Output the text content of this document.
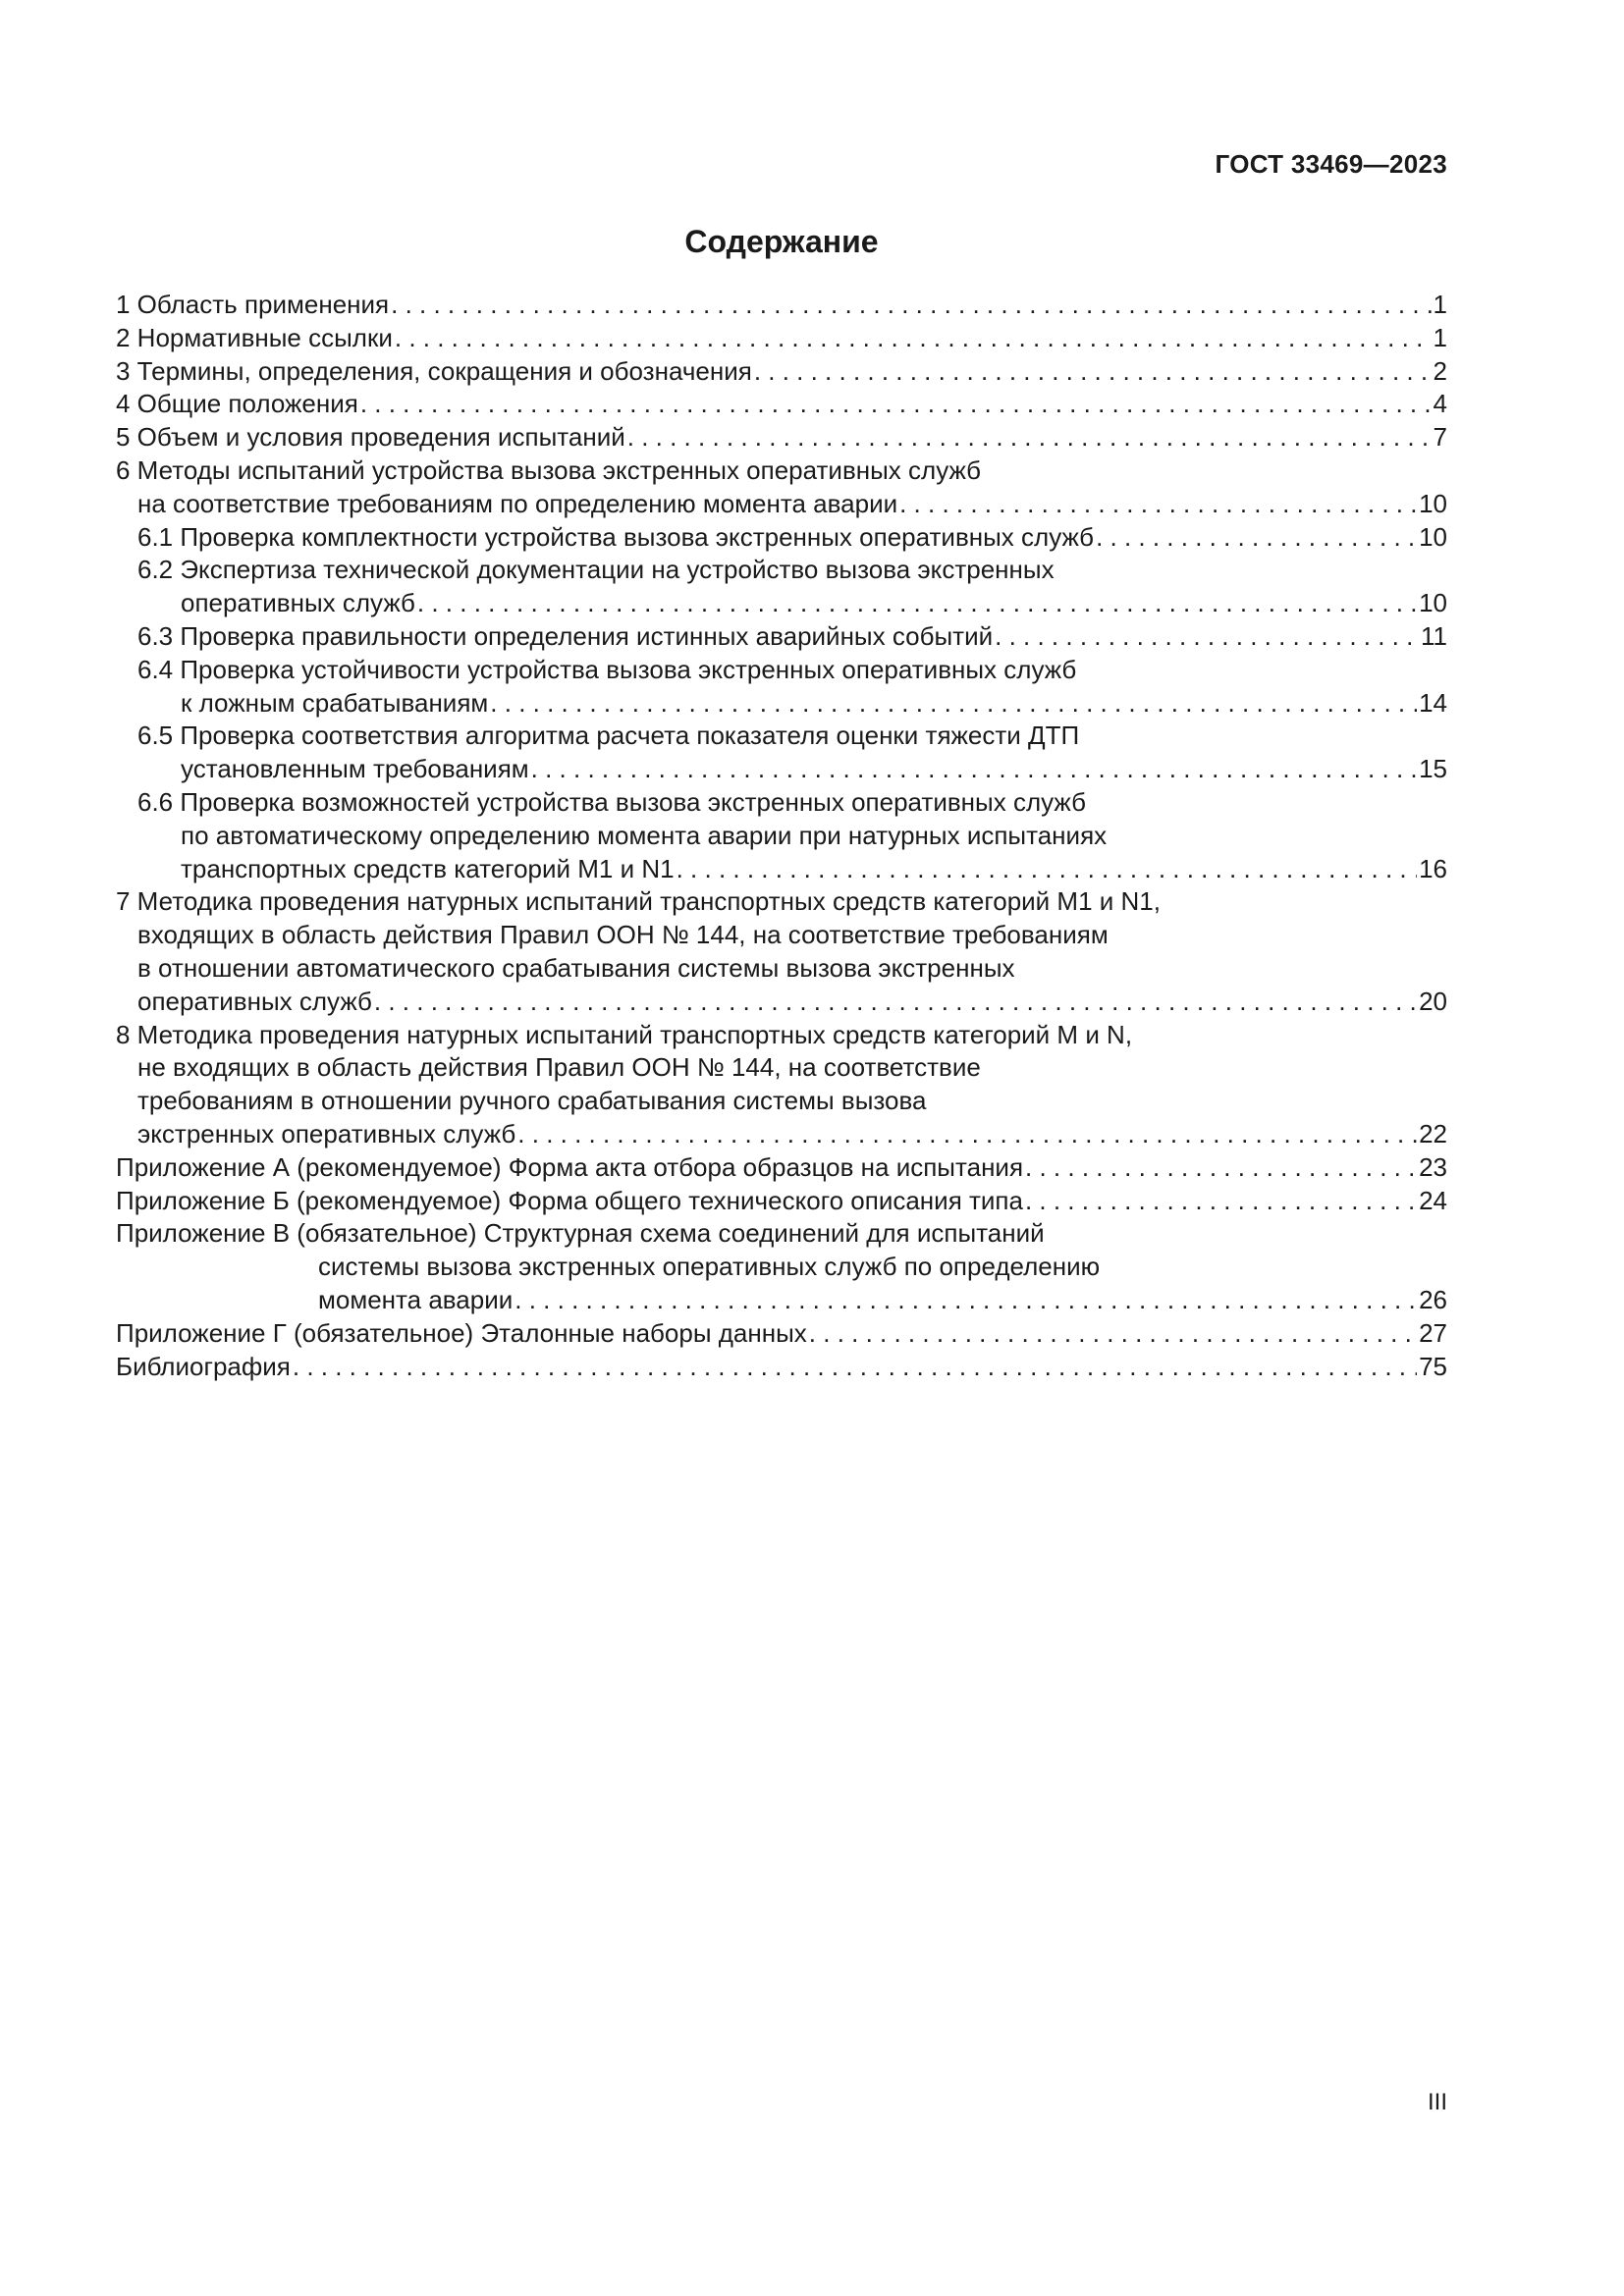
ГОСТ 33469—2023
Содержание
1 Область применения . . .	1
2 Нормативные ссылки . . .	1
3 Термины, определения, сокращения и обозначения . . .	2
4 Общие положения . . .	4
5 Объем и условия проведения испытаний . . .	7
6 Методы испытаний устройства вызова экстренных оперативных служб
на соответствие требованиям по определению момента аварии . . .	10
6.1 Проверка комплектности устройства вызова экстренных оперативных служб . . .	10
6.2 Экспертиза технической документации на устройство вызова экстренных
оперативных служб . . .	10
6.3 Проверка правильности определения истинных аварийных событий . . .	11
6.4 Проверка устойчивости устройства вызова экстренных оперативных служб
к ложным срабатываниям . . .	14
6.5 Проверка соответствия алгоритма расчета показателя оценки тяжести ДТП
установленным требованиям . . .	15
6.6 Проверка возможностей устройства вызова экстренных оперативных служб
по автоматическому определению момента аварии при натурных испытаниях
транспортных средств категорий M1 и N1 . . .	16
7 Методика проведения натурных испытаний транспортных средств категорий M1 и N1,
входящих в область действия Правил ООН № 144, на соответствие требованиям
в отношении автоматического срабатывания системы вызова экстренных
оперативных служб . . .	20
8 Методика проведения натурных испытаний транспортных средств категорий M и N,
не входящих в область действия Правил ООН № 144, на соответствие
требованиям в отношении ручного срабатывания системы вызова
экстренных оперативных служб . . .	22
Приложение А (рекомендуемое) Форма акта отбора образцов на испытания . . .	23
Приложение Б (рекомендуемое) Форма общего технического описания типа . . .	24
Приложение В (обязательное) Структурная схема соединений для испытаний
системы вызова экстренных оперативных служб по определению
момента аварии . . .	26
Приложение Г (обязательное) Эталонные наборы данных . . .	27
Библиография . . .	75
III
